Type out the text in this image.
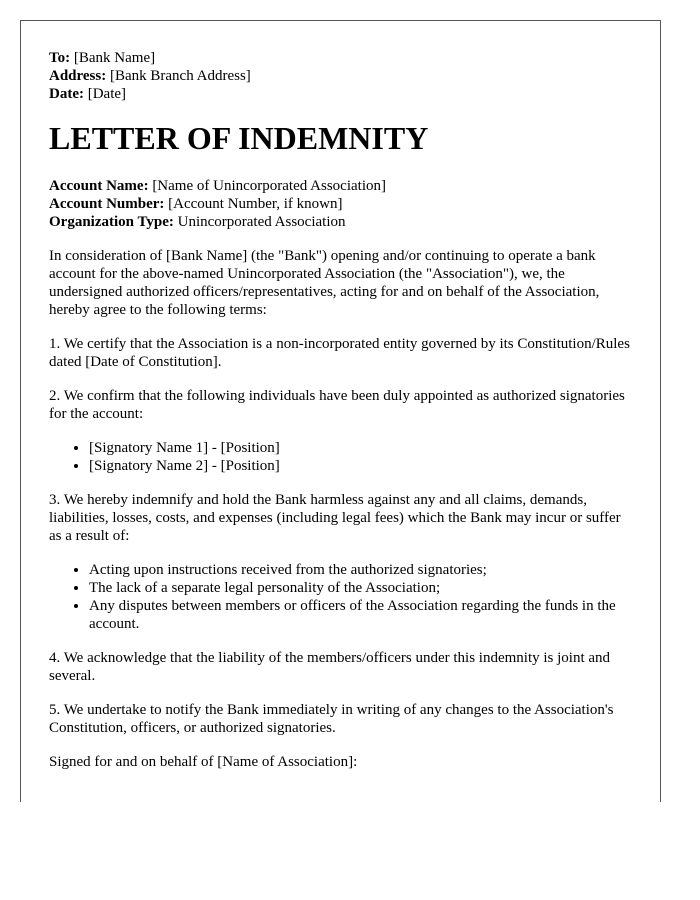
To: [Bank Name]

Address: [Bank Branch Address]

Date: [Date]

LETTER OF INDEMNITY

Account Name: [Name of Unincorporated Association]

Account Number: [Account Number, if known]

Organization Type: Unincorporated Association

In consideration of [Bank Name] (the "Bank") opening and/or continuing to operate a bank account for the above-named Unincorporated Association (the "Association"), we, the undersigned authorized officers/representatives, acting for and on behalf of the Association, hereby agree to the following terms:

1. We certify that the Association is a non-incorporated entity governed by its Constitution/Rules dated [Date of Constitution].

2. We confirm that the following individuals have been duly appointed as authorized signatories for the account:

• [Signatory Name 1] - [Position]
• [Signatory Name 2] - [Position]

3. We hereby indemnify and hold the Bank harmless against any and all claims, demands, liabilities, losses, costs, and expenses (including legal fees) which the Bank may incur or suffer as a result of:

• Acting upon instructions received from the authorized signatories;
• The lack of a separate legal personality of the Association;
• Any disputes between members or officers of the Association regarding the funds in the account.

4. We acknowledge that the liability of the members/officers under this indemnity is joint and several.

5. We undertake to notify the Bank immediately in writing of any changes to the Association's Constitution, officers, or authorized signatories.

Signed for and on behalf of [Name of Association]:
